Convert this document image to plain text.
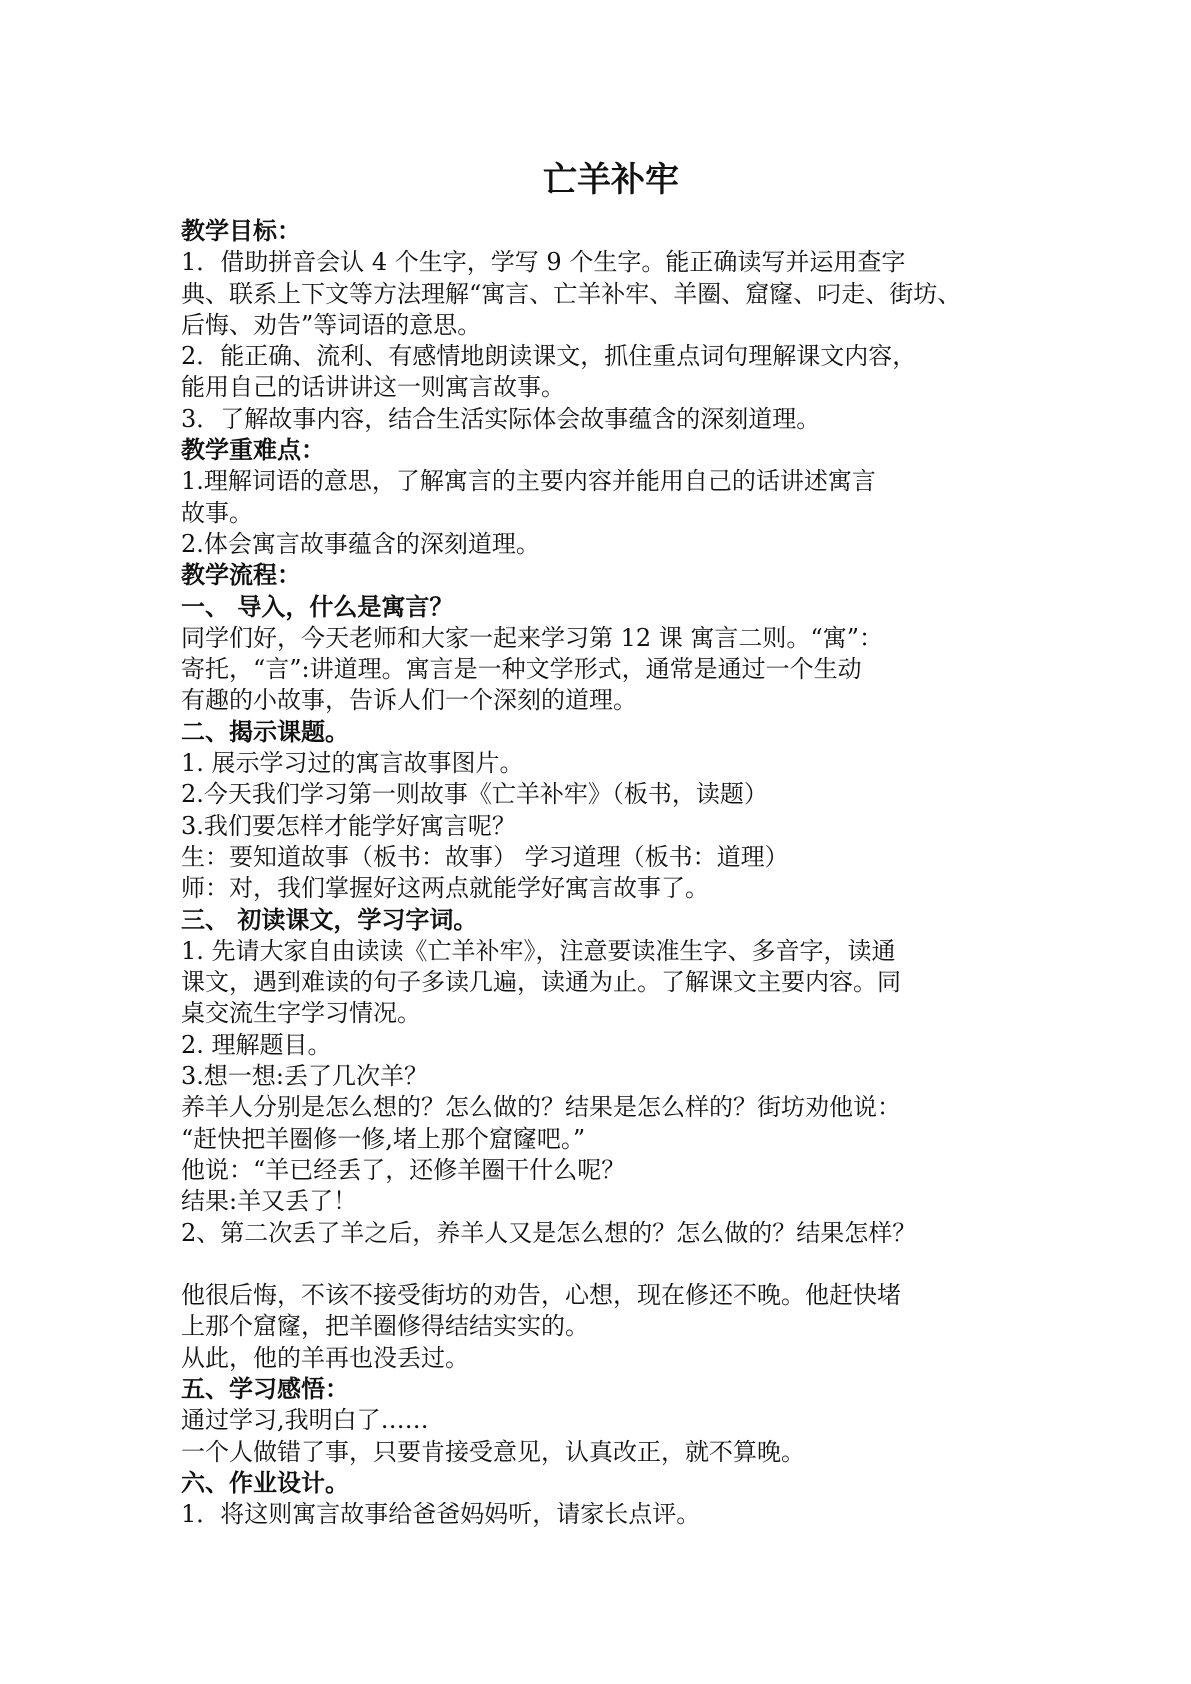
亡羊补牢
教学目标：
1．借助拼音会认 4 个生字，学写 9 个生字。能正确读写并运用查字
典、联系上下文等方法理解“寓言、亡羊补牢、羊圈、窟窿、叼走、街坊、
后悔、劝告”等词语的意思。
2．能正确、流利、有感情地朗读课文，抓住重点词句理解课文内容，
能用自己的话讲讲这一则寓言故事。
3．了解故事内容，结合生活实际体会故事蕴含的深刻道理。
教学重难点：
1.理解词语的意思，了解寓言的主要内容并能用自己的话讲述寓言
故事。
2.体会寓言故事蕴含的深刻道理。
教学流程：
一、 导入，什么是寓言？
同学们好，今天老师和大家一起来学习第 12 课 寓言二则。“寓”：
寄托，“言”:讲道理。寓言是一种文学形式，通常是通过一个生动
有趣的小故事，告诉人们一个深刻的道理。
二、揭示课题。
1. 展示学习过的寓言故事图片。
2.今天我们学习第一则故事《亡羊补牢》（板书，读题）
3.我们要怎样才能学好寓言呢？
生：要知道故事（板书：故事） 学习道理（板书：道理）
师：对，我们掌握好这两点就能学好寓言故事了。
三、 初读课文，学习字词。
1. 先请大家自由读读《亡羊补牢》，注意要读准生字、多音字，读通
课文，遇到难读的句子多读几遍，读通为止。了解课文主要内容。同
桌交流生字学习情况。
2. 理解题目。
3.想一想:丢了几次羊？
养羊人分别是怎么想的？怎么做的？结果是怎么样的？街坊劝他说：
“赶快把羊圈修一修,堵上那个窟窿吧。”
他说：“羊已经丢了，还修羊圈干什么呢？
结果:羊又丢了！
2、第二次丢了羊之后，养羊人又是怎么想的？怎么做的？结果怎样？
他很后悔，不该不接受街坊的劝告，心想，现在修还不晚。他赶快堵
上那个窟窿，把羊圈修得结结实实的。
从此，他的羊再也没丢过。
五、学习感悟：
通过学习,我明白了……
一个人做错了事，只要肯接受意见，认真改正，就不算晚。
六、作业设计。
1．将这则寓言故事给爸爸妈妈听，请家长点评。
